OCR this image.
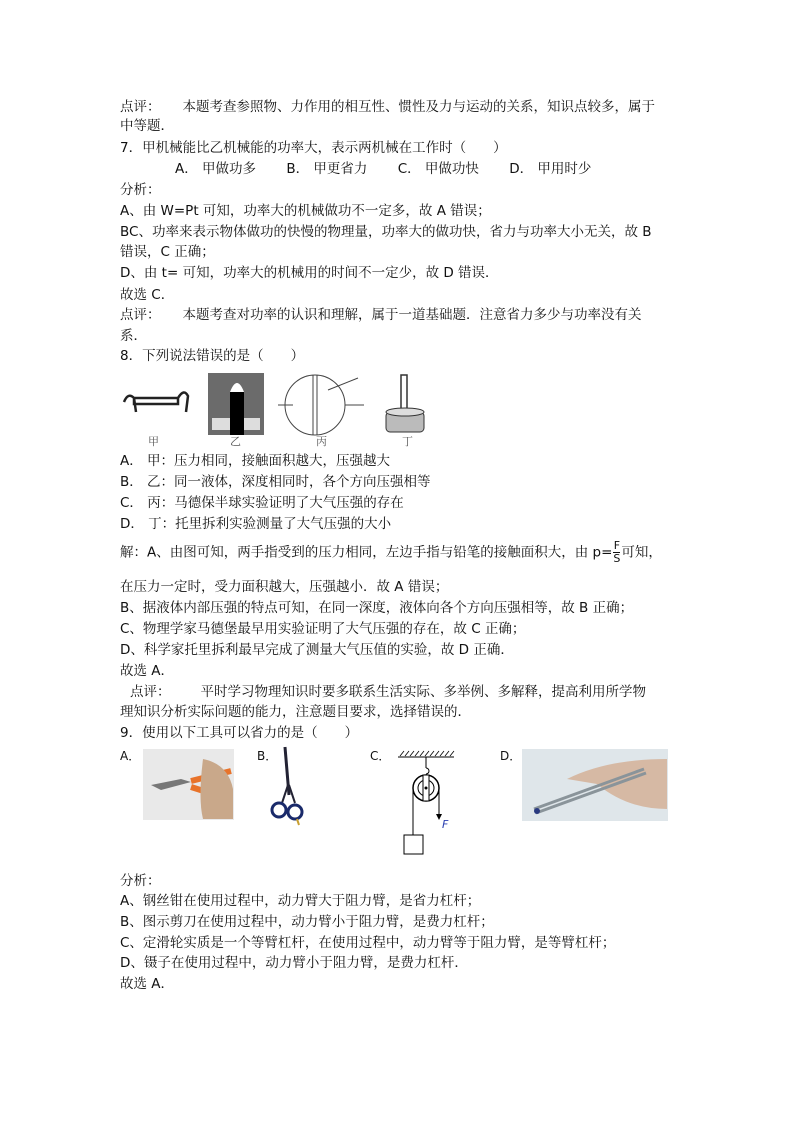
点评： 本题考查参照物、力作用的相互性、惯性及力与运动的关系，知识点较多，属于
中等题．
7．甲机械能比乙机械能的功率大，表示两机械在工作时（　　）
A． 甲做功多 B． 甲更省力 C． 甲做功快 D． 甲用时少
分析：
A、由 W=Pt 可知，功率大的机械做功不一定多，故 A 错误；
BC、功率来表示物体做功的快慢的物理量，功率大的做功快，省力与功率大小无关，故 B
错误，C 正确；
D、由 t= 可知，功率大的机械用的时间不一定少，故 D 错误．
故选 C．
点评： 本题考查对功率的认识和理解，属于一道基础题．注意省力多少与功率没有关
系．
8．下列说法错误的是（　　）
甲	乙	丙	丁
A． 甲：压力相同，接触面积越大，压强越大
B． 乙：同一液体，深度相同时，各个方向压强相等
C． 丙：马德保半球实验证明了大气压强的存在
D． 丁：托里拆利实验测量了大气压强的大小
解：A、由图可知，两手指受到的压力相同，左边手指与铅笔的接触面积大，由 $p= \frac{F}{S}$ 可知，
在压力一定时，受力面积越大，压强越小．故 A 错误；
B、据液体内部压强的特点可知，在同一深度，液体向各个方向压强相等，故 B 正确；
C、物理学家马德堡最早用实验证明了大气压强的存在，故 C 正确；
D、科学家托里拆利最早完成了测量大气压值的实验，故 D 正确．
故选 A．
点评： 平时学习物理知识时要多联系生活实际、多举例、多解释，提高利用所学物
理知识分析实际问题的能力，注意题目要求，选择错误的．
9．使用以下工具可以省力的是（　　）
A．	B．	C．	D．
F
分析：
A、钢丝钳在使用过程中，动力臂大于阻力臂，是省力杠杆；
B、图示剪刀在使用过程中，动力臂小于阻力臂，是费力杠杆；
C、定滑轮实质是一个等臂杠杆，在使用过程中，动力臂等于阻力臂，是等臂杠杆；
D、镊子在使用过程中，动力臂小于阻力臂，是费力杠杆．
故选 A．
